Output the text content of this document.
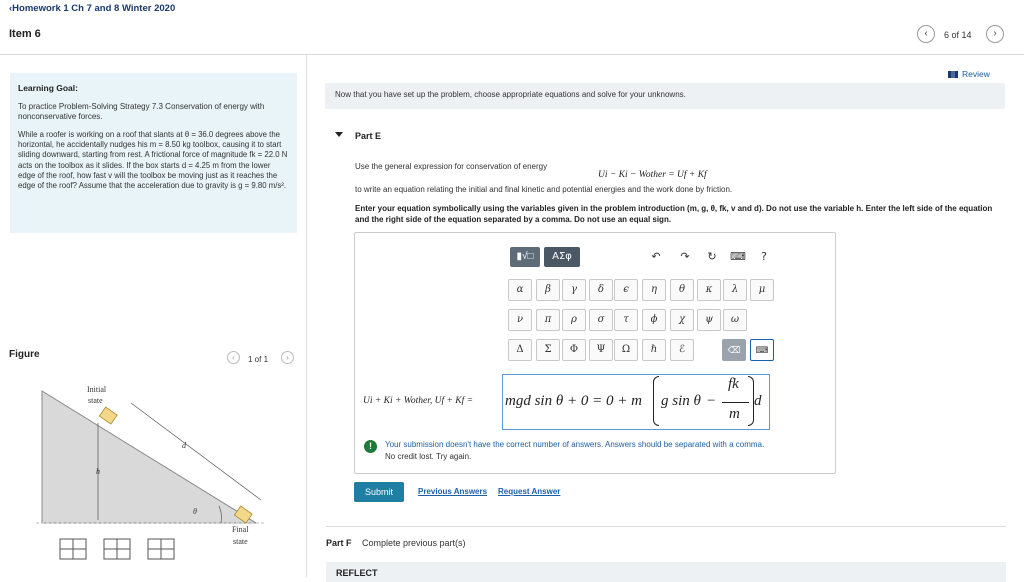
‹Homework 1 Ch 7 and 8 Winter 2020
Item 6	‹	6 of 14	›
Learning Goal:
To practice Problem-Solving Strategy 7.3 Conservation of energy with nonconservative forces.
While a roofer is working on a roof that slants at θ = 36.0 degrees above the horizontal, he accidentally nudges his m = 8.50 kg toolbox, causing it to start sliding downward, starting from rest. A frictional force of magnitude fk = 22.0 N acts on the toolbox as it slides. If the box starts d = 4.25 m from the lower edge of the roof, how fast v will the toolbox be moving just as it reaches the edge of the roof? Assume that the acceleration due to gravity is g = 9.80 m/s².
Figure	‹	1 of 1	›
Initial
state
Final
state
d
h
θ
Review
Now that you have set up the problem, choose appropriate equations and solve for your unknowns.
Part E
Use the general expression for conservation of energy
Ui − Ki − Wother = Uf + Kf
to write an equation relating the initial and final kinetic and potential energies and the work done by friction.
Enter your equation symbolically using the variables given in the problem introduction (m, g, θ, fk, v and d). Do not use the variable h. Enter the left side of the equation and the right side of the equation separated by a comma. Do not use an equal sign.
▮√□	ΑΣφ	↶	↷	↻	⌨	?
⌫	⌨
Ui + Ki + Wother, Uf + Kf = mgd sin θ + 0 = 0 + m g sin θ −
fk
m
d
!	Your submission doesn't have the correct number of answers. Answers should be separated with a comma.
No credit lost. Try again.
Submit	Previous Answers Request Answer
Part F Complete previous part(s)
REFLECT
α	β	γ	δ	ϵ	η	θ	κ	λ	μ
ν	π	ρ	σ	τ	ϕ	χ	ψ	ω
Δ	Σ	Φ	Ψ	Ω	ℏ	ℰ
